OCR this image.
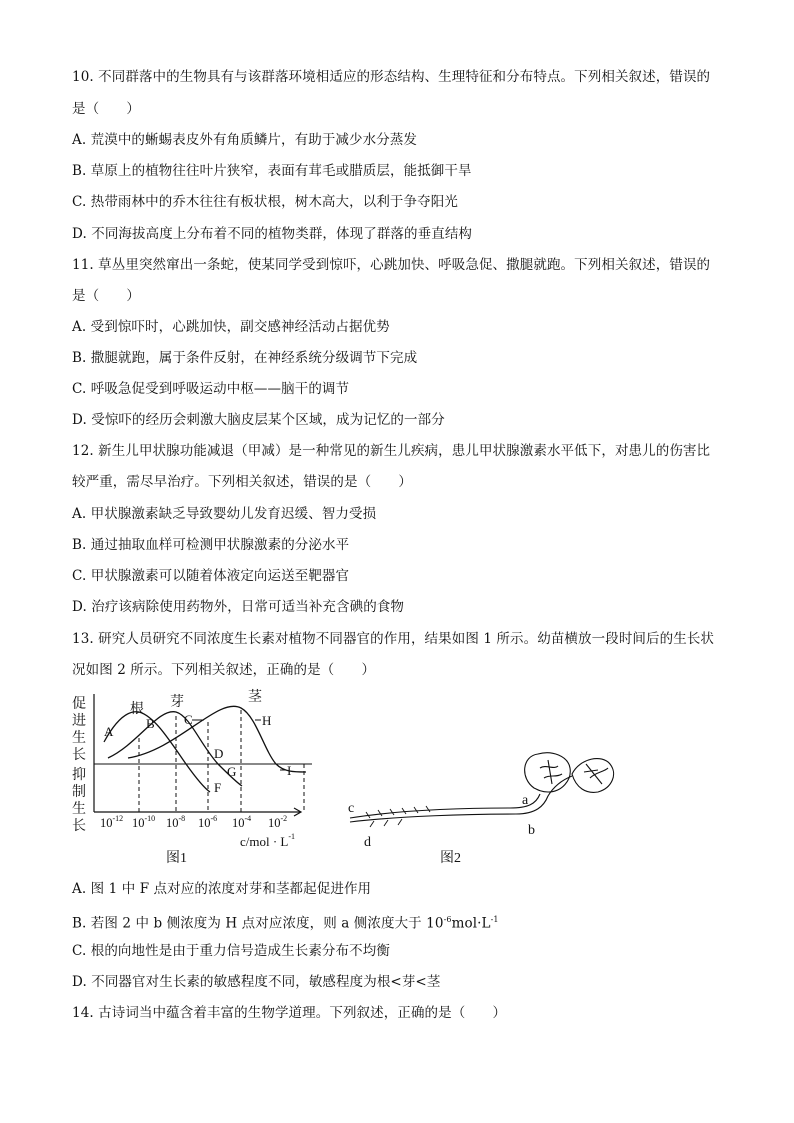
10. 不同群落中的生物具有与该群落环境相适应的形态结构、生理特征和分布特点。下列相关叙述，错误的
是（　　）
A. 荒漠中的蜥蜴表皮外有角质鳞片，有助于减少水分蒸发
B. 草原上的植物往往叶片狭窄，表面有茸毛或腊质层，能抵御干旱
C. 热带雨林中的乔木往往有板状根，树木高大，以利于争夺阳光
D. 不同海拔高度上分布着不同的植物类群，体现了群落的垂直结构
11. 草丛里突然窜出一条蛇，使某同学受到惊吓，心跳加快、呼吸急促、撒腿就跑。下列相关叙述，错误的
是（　　）
A. 受到惊吓时，心跳加快，副交感神经活动占据优势
B. 撒腿就跑，属于条件反射，在神经系统分级调节下完成
C. 呼吸急促受到呼吸运动中枢——脑干的调节
D. 受惊吓的经历会刺激大脑皮层某个区域，成为记忆的一部分
12. 新生儿甲状腺功能减退（甲减）是一种常见的新生儿疾病，患儿甲状腺激素水平低下，对患儿的伤害比
较严重，需尽早治疗。下列相关叙述，错误的是（　　）
A. 甲状腺激素缺乏导致婴幼儿发育迟缓、智力受损
B. 通过抽取血样可检测甲状腺激素的分泌水平
C. 甲状腺激素可以随着体液定向运送至靶器官
D. 治疗该病除使用药物外，日常可适当补充含碘的食物
13. 研究人员研究不同浓度生长素对植物不同器官的作用，结果如图 1 所示。幼苗横放一段时间后的生长状
况如图 2 所示。下列相关叙述，正确的是（　　）
促
进
生
长
抑
制
生
长
根 芽	茎
A
B C
D
F
G
H
I
$10^{-12}$ $10^{-10}$ $10^{-8}$ $10^{-6}$ $10^{-4}$ $10^{-2}$
$c/mol \cdot L^{-1}$
图1
a
b
c
d
图2
A. 图 1 中 F 点对应的浓度对芽和茎都起促进作用
B. 若图 2 中 b 侧浓度为 H 点对应浓度，则 a 侧浓度大于 $10^{-6}mol\cdot L^{-1}$
C. 根的向地性是由于重力信号造成生长素分布不均衡
D. 不同器官对生长素的敏感程度不同，敏感程度为根<芽<茎
14. 古诗词当中蕴含着丰富的生物学道理。下列叙述，正确的是（　　）
